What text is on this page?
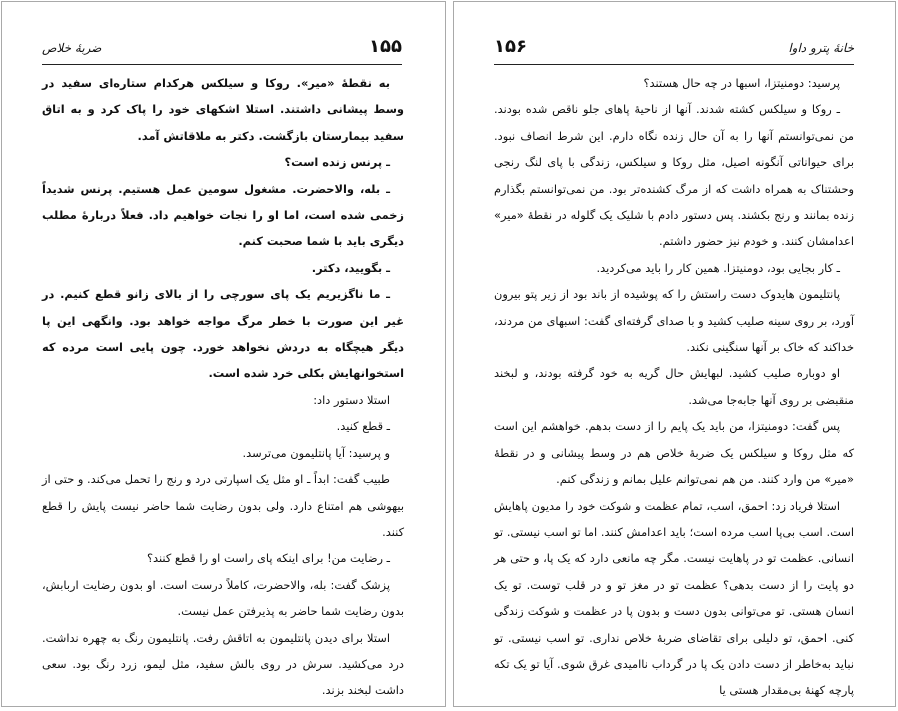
۱۵۵
ضربهٔ خلاص

به نقطهٔ «میر». روکا و سیلکس هرکدام ستاره‌ای سفید در وسط پیشانی داشتند. استلا اشکهای خود را پاک کرد و به اتاق سفید بیمارستان بازگشت. دکتر به ملاقاتش آمد.

ـ پرنس زنده است؟

ـ بله، والاحضرت. مشغول سومین عمل هستیم. پرنس شدیداً زخمی شده است، اما او را نجات خواهیم داد. فعلاً دربارهٔ مطلب دیگری باید با شما صحبت کنم.

ـ بگویید، دکتر.

ـ ما ناگزیریم یک پای سورچی را از بالای زانو قطع کنیم. در غیر این صورت با خطر مرگ مواجه خواهد بود. وانگهی این پا دیگر هیچگاه به دردش نخواهد خورد. چون پایی است مرده که استخوانهایش بکلی خرد شده است.

استلا دستور داد:

ـ قطع کنید.

و پرسید: آیا پانتلیمون می‌ترسد.

طبیب گفت: ابداً ـ او مثل یک اسپارتی درد و رنج را تحمل می‌کند. و حتی از بیهوشی هم امتناع دارد. ولی بدون رضایت شما حاضر نیست پایش را قطع کنند.

ـ رضایت من! برای اینکه پای راست او را قطع کنند؟

پزشک گفت: بله، والاحضرت، کاملاً درست است. او بدون رضایت اربابش، بدون رضایت شما حاضر به پذیرفتن عمل نیست.

استلا برای دیدن پانتلیمون به اتاقش رفت. پانتلیمون رنگ به چهره نداشت. درد می‌کشید. سرش در روی بالش سفید، مثل لیمو، زرد رنگ بود. سعی داشت لبخند بزند.

۱۵۶	خانهٔ پترو داوا

پرسید: دومنیتزا، اسبها در چه حال هستند؟

ـ روکا و سیلکس کشته شدند. آنها از ناحیهٔ پاهای جلو ناقص شده بودند. من نمی‌توانستم آنها را به آن حال زنده نگاه دارم. این شرط انصاف نبود. برای حیواناتی آنگونه اصیل، مثل روکا و سیلکس، زندگی با پای لنگ رنجی وحشتناک به همراه داشت که از مرگ کشنده‌تر بود. من نمی‌توانستم بگذارم زنده بمانند و رنج بکشند. پس دستور دادم با شلیک یک گلوله در نقطهٔ «میر» اعدامشان کنند. و خودم نیز حضور داشتم.

ـ کار بجایی بود، دومنیتزا. همین کار را باید می‌کردید.

پانتلیمون هایدوک دست راستش را که پوشیده از باند بود از زیر پتو بیرون آورد، بر روی سینه صلیب کشید و با صدای گرفته‌ای گفت: اسبهای من مردند، خداکند که خاک بر آنها سنگینی نکند.

او دوباره صلیب کشید. لبهایش حال گریه به خود گرفته بودند، و لبخند منقبضی بر روی آنها جابه‌جا می‌شد.

پس گفت: دومنیتزا، من باید یک پایم را از دست بدهم. خواهشم این است که مثل روکا و سیلکس یک ضربهٔ خلاص هم در وسط پیشانی و در نقطهٔ «میر» من وارد کنند. من هم نمی‌توانم علیل بمانم و زندگی کنم.

استلا فریاد زد: احمق، اسب، تمام عظمت و شوکت خود را مدیون پاهایش است. اسب بی‌پا اسب مرده است؛ باید اعدامش کنند. اما تو اسب نیستی. تو انسانی. عظمت تو در پاهایت نیست. مگر چه مانعی دارد که یک پا، و حتی هر دو پایت را از دست بدهی؟ عظمت تو در مغز تو و در قلب توست. تو یک انسان هستی. تو می‌توانی بدون دست و بدون پا در عظمت و شوکت زندگی کنی. احمق، تو دلیلی برای تقاضای ضربهٔ خلاص نداری. تو اسب نیستی. تو نباید به‌خاطر از دست دادن یک پا در گرداب ناامیدی غرق شوی. آیا تو یک تکه پارچه کهنهٔ بی‌مقدار هستی یا
